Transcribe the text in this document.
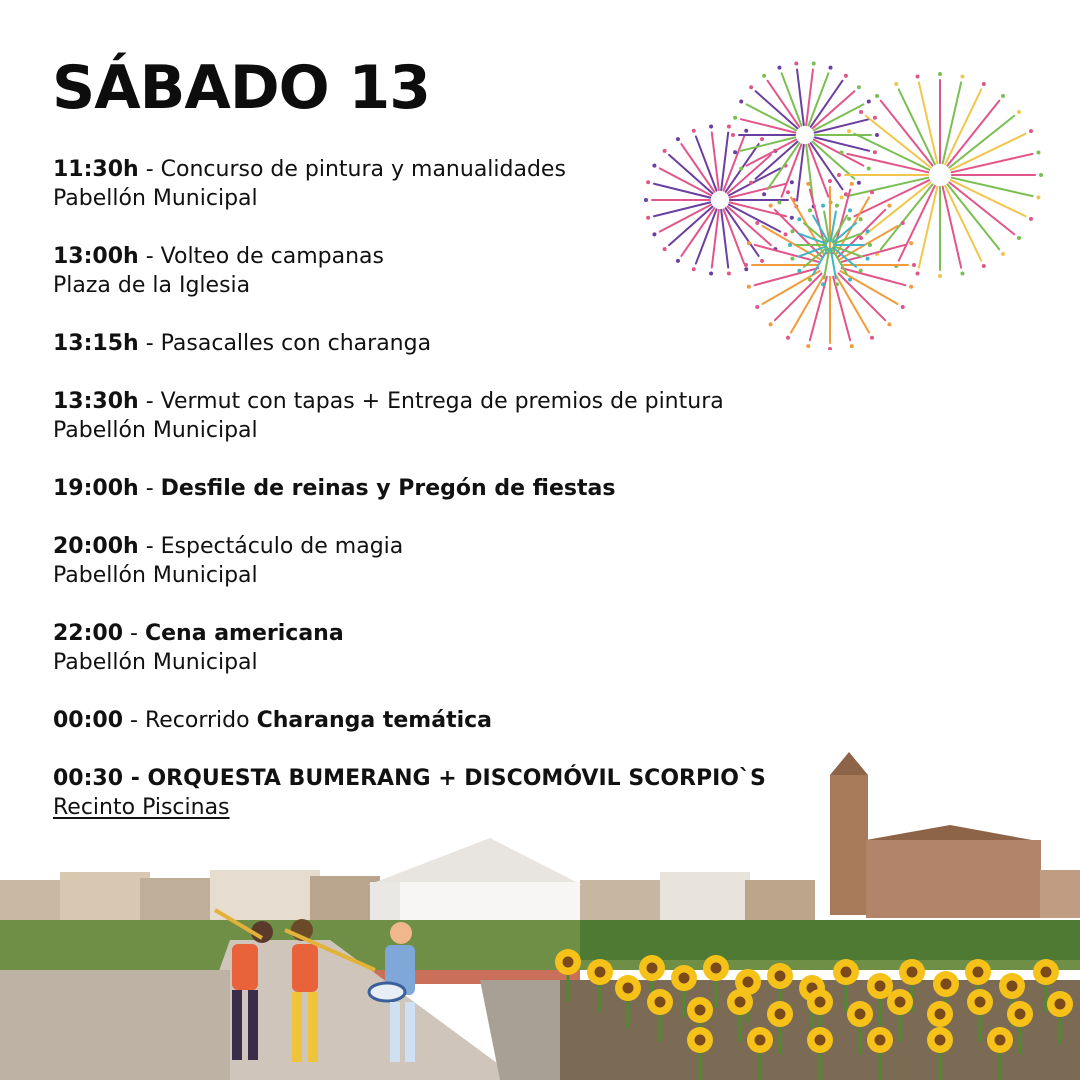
SÁBADO 13
11:30h - Concurso de pintura y manualidades
Pabellón Municipal
13:00h - Volteo de campanas
Plaza de la Iglesia
13:15h - Pasacalles con charanga
13:30h - Vermut con tapas + Entrega de premios de pintura
Pabellón Municipal
19:00h - Desfile de reinas y Pregón de fiestas
20:00h - Espectáculo de magia
Pabellón Municipal
22:00 - Cena americana
Pabellón Municipal
00:00 - Recorrido Charanga temática
00:30 - ORQUESTA BUMERANG + DISCOMÓVIL SCORPIO`S
Recinto Piscinas
